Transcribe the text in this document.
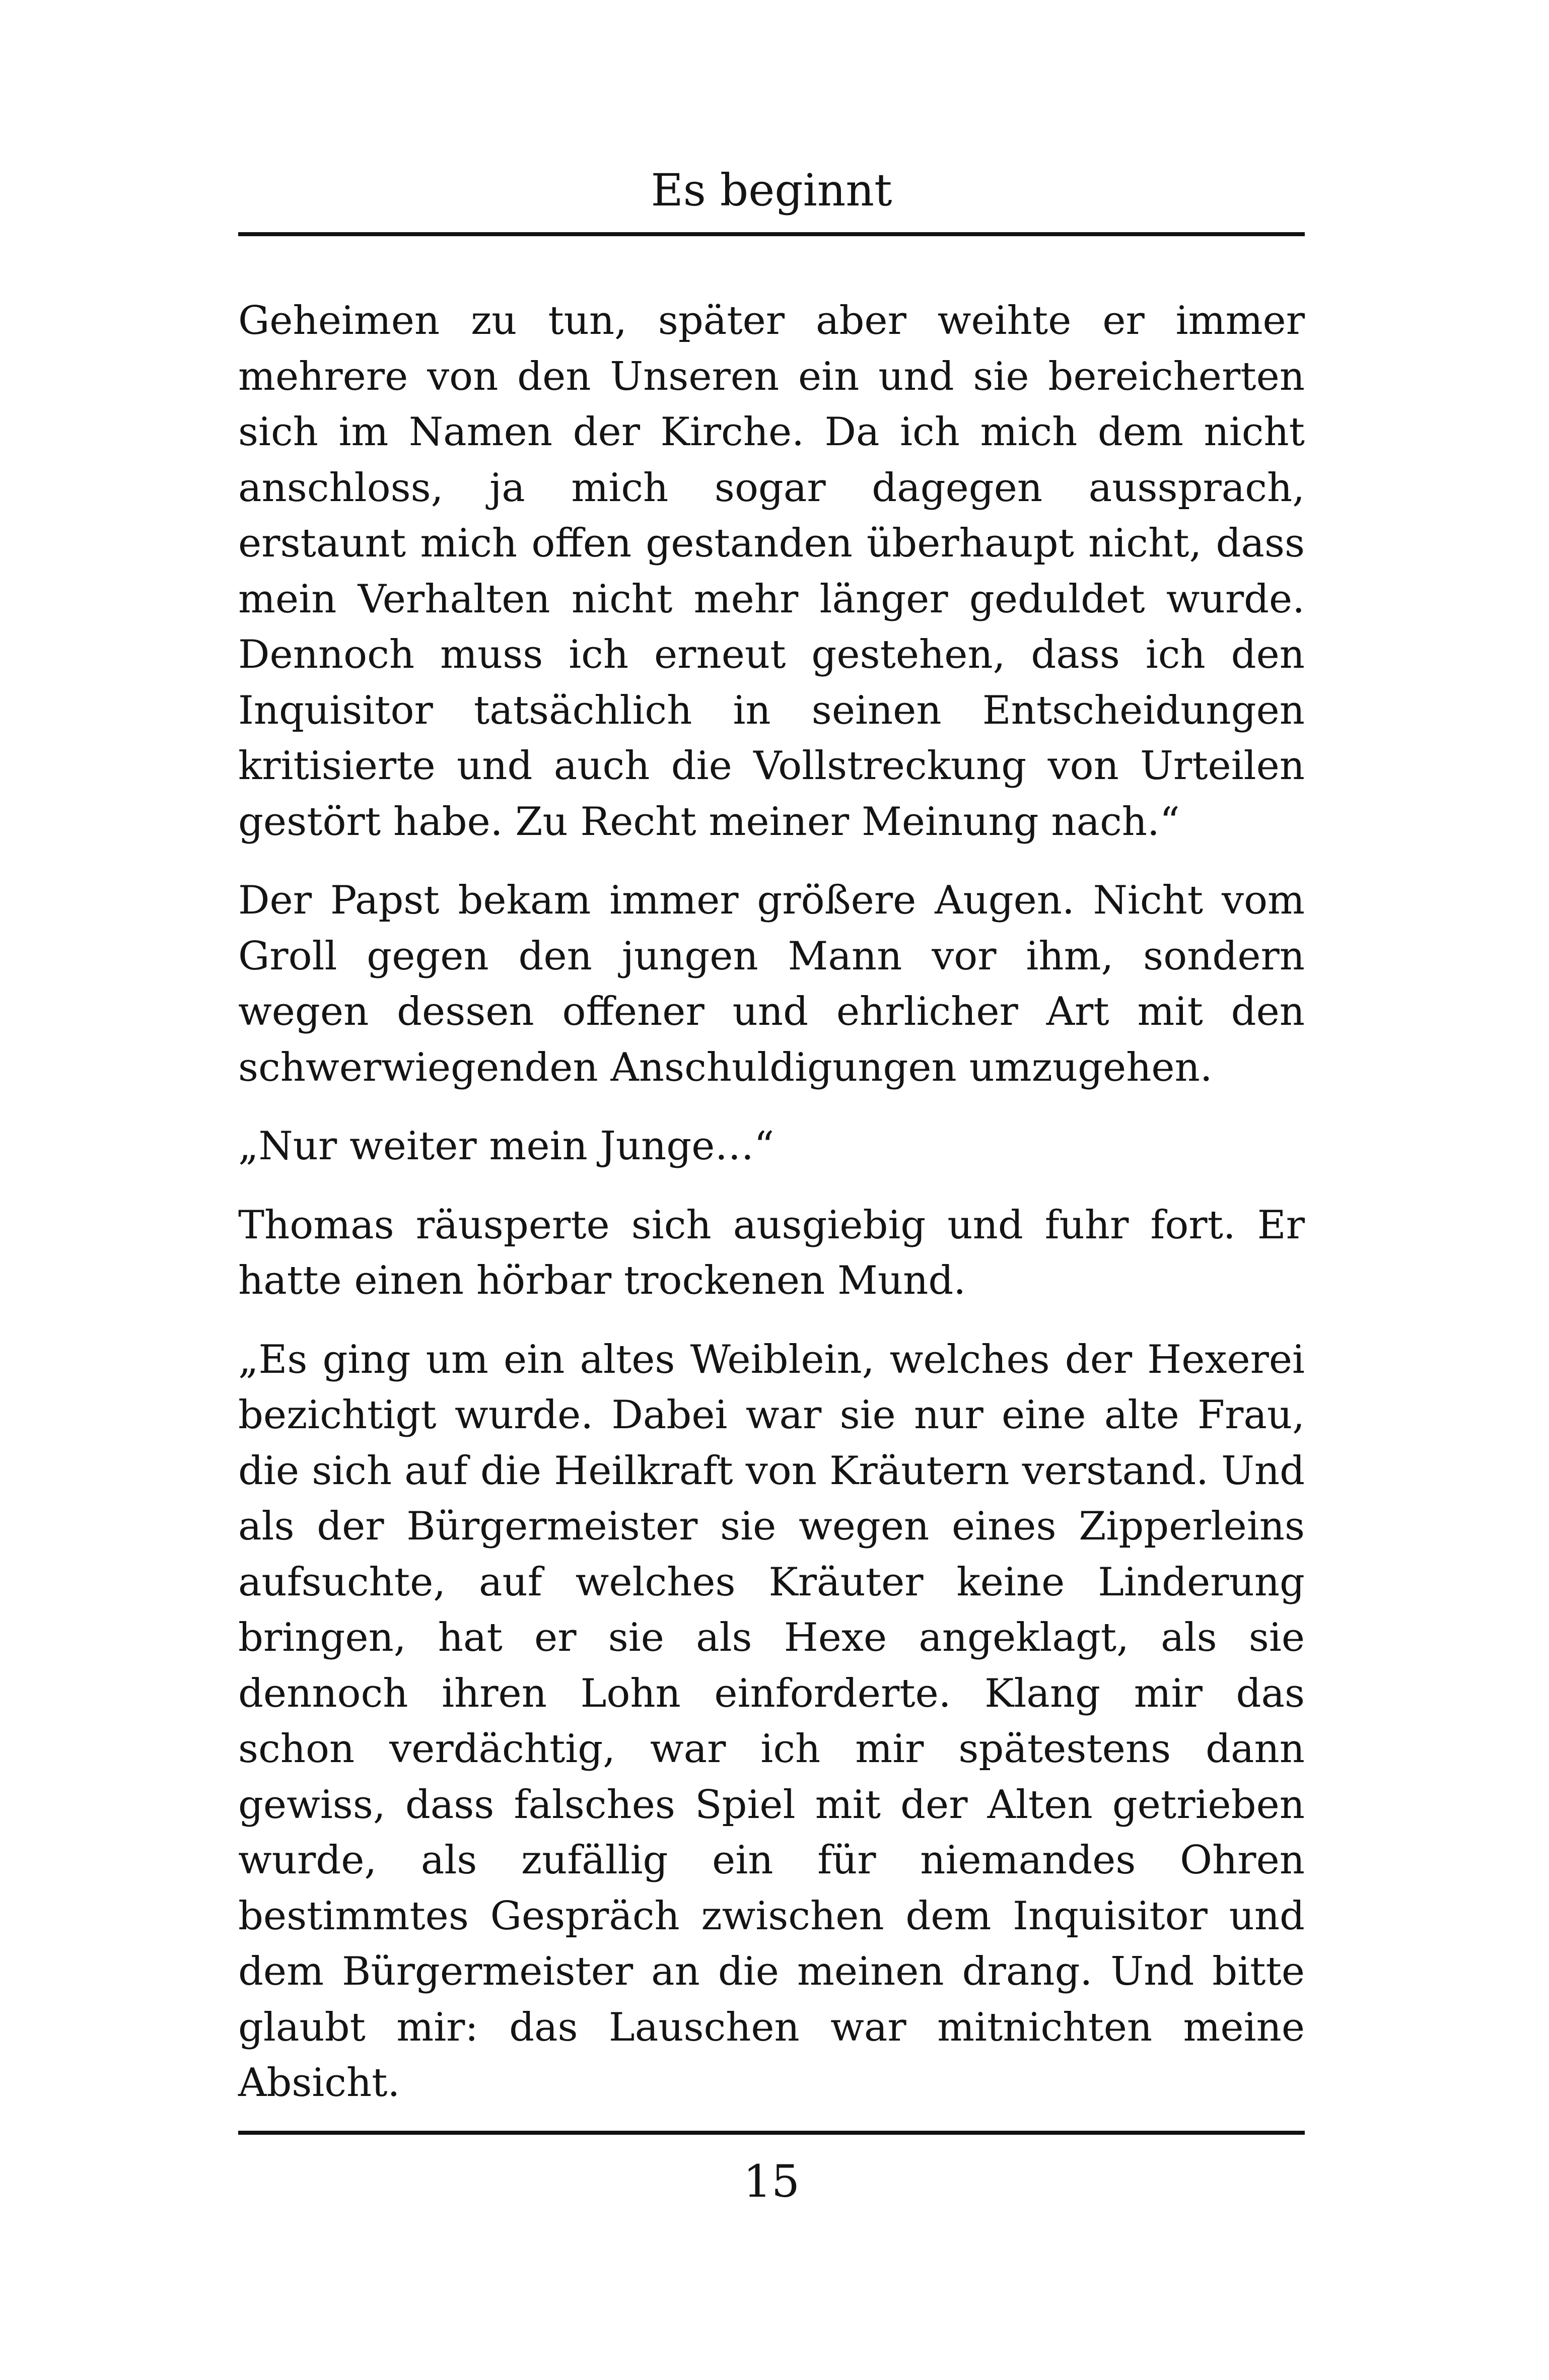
Es beginnt

Geheimen zu tun, später aber weihte er immer mehrere von den Unseren ein und sie bereicherten sich im Namen der Kirche. Da ich mich dem nicht anschloss, ja mich sogar dagegen aussprach, erstaunt mich offen gestanden überhaupt nicht, dass mein Verhalten nicht mehr länger geduldet wurde. Dennoch muss ich erneut gestehen, dass ich den Inquisitor tatsächlich in seinen Entscheidungen kritisierte und auch die Vollstreckung von Urteilen gestört habe. Zu Recht meiner Meinung nach.“

Der Papst bekam immer größere Augen. Nicht vom Groll gegen den jungen Mann vor ihm, sondern wegen dessen offener und ehrlicher Art mit den schwerwiegenden Anschuldigungen umzugehen.

„Nur weiter mein Junge…“

Thomas räusperte sich ausgiebig und fuhr fort. Er hatte einen hörbar trockenen Mund.

„Es ging um ein altes Weiblein, welches der Hexerei bezichtigt wurde. Dabei war sie nur eine alte Frau, die sich auf die Heilkraft von Kräutern verstand. Und als der Bürgermeister sie wegen eines Zipperleins aufsuchte, auf welches Kräuter keine Linderung bringen, hat er sie als Hexe angeklagt, als sie dennoch ihren Lohn einforderte. Klang mir das schon verdächtig, war ich mir spätestens dann gewiss, dass falsches Spiel mit der Alten getrieben wurde, als zufällig ein für niemandes Ohren bestimmtes Gespräch zwischen dem Inquisitor und dem Bürgermeister an die meinen drang. Und bitte glaubt mir: das Lauschen war mitnichten meine Absicht.

15
